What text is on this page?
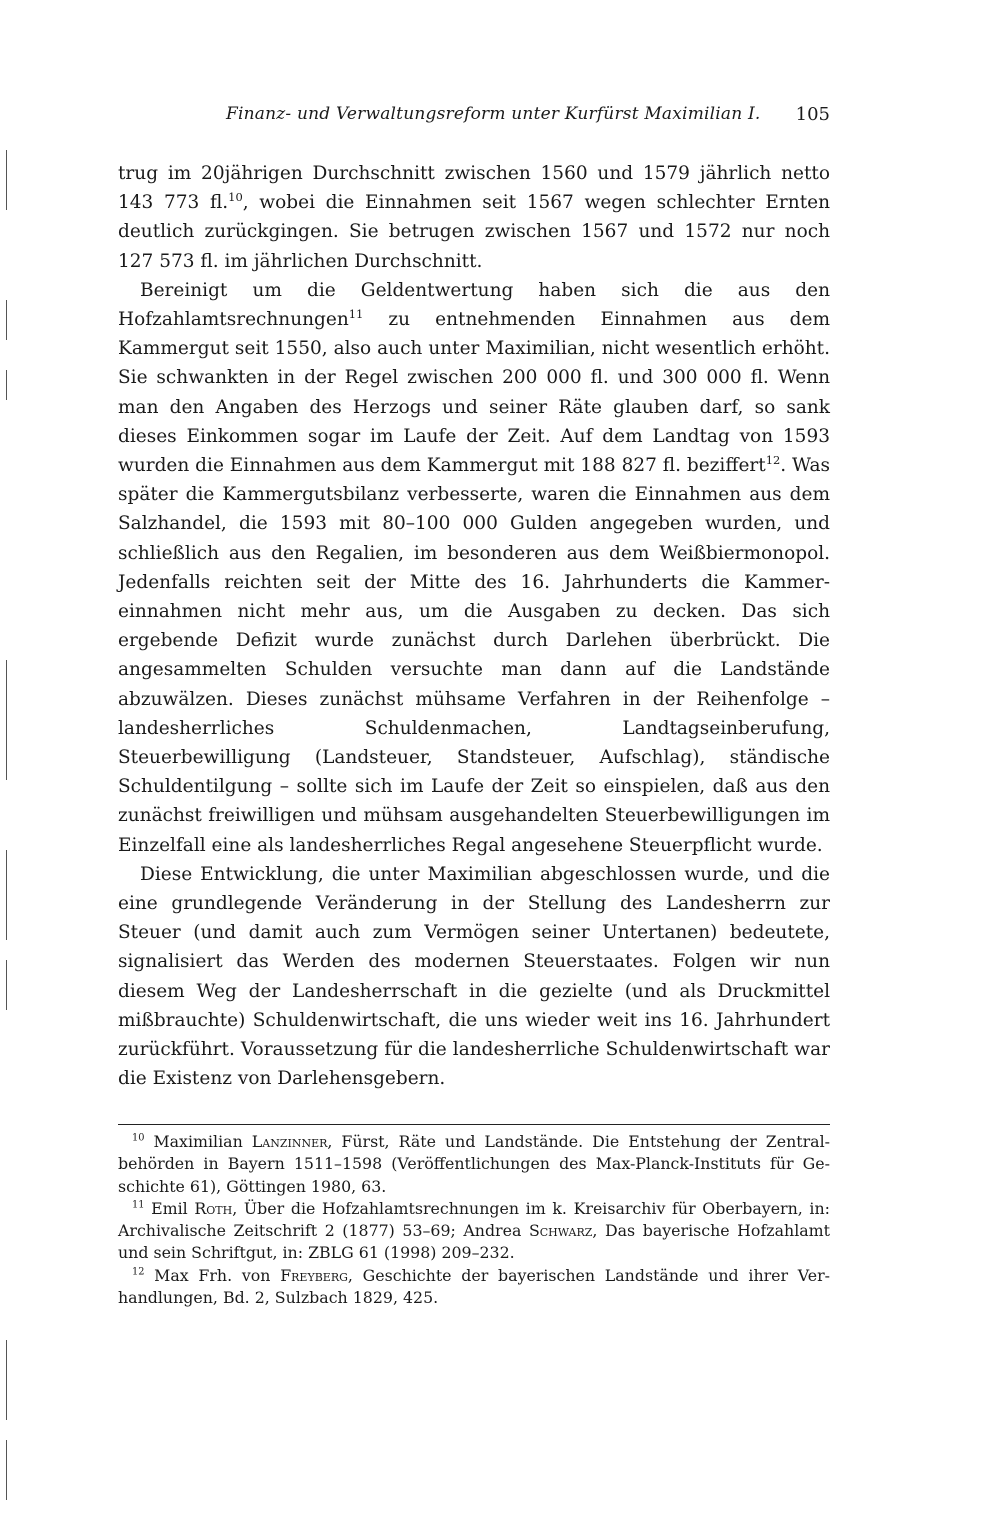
Finanz- und Verwaltungsreform unter Kurfürst Maximilian I. 105

trug im 20jährigen Durchschnitt zwischen 1560 und 1579 jährlich netto 143 773 fl.$^{10}$, wobei die Einnahmen seit 1567 wegen schlechter Ernten deutlich zurückgingen. Sie betrugen zwischen 1567 und 1572 nur noch 127 573 fl. im jährlichen Durchschnitt.

Bereinigt um die Geldentwertung haben sich die aus den Hofzahlamtsrechnungen$^{11}$ zu entnehmenden Einnahmen aus dem Kammergut seit 1550, also auch unter Maximilian, nicht wesentlich erhöht. Sie schwankten in der Regel zwischen 200 000 fl. und 300 000 fl. Wenn man den Angaben des Herzogs und seiner Räte glauben darf, so sank dieses Einkommen sogar im Laufe der Zeit. Auf dem Landtag von 1593 wurden die Einnahmen aus dem Kammergut mit 188 827 fl. beziffert$^{12}$. Was später die Kammergutsbilanz verbesserte, waren die Einnahmen aus dem Salzhandel, die 1593 mit 80–100 000 Gulden angegeben wurden, und schließlich aus den Regalien, im besonderen aus dem Weißbiermonopol. Jedenfalls reichten seit der Mitte des 16. Jahrhunderts die Kammereinnahmen nicht mehr aus, um die Ausgaben zu decken. Das sich ergebende Defizit wurde zunächst durch Darlehen überbrückt. Die angesammelten Schulden versuchte man dann auf die Landstände abzuwälzen. Dieses zunächst mühsame Verfahren in der Reihenfolge – landesherrliches Schuldenmachen, Landtagseinberufung, Steuerbewilligung (Landsteuer, Standsteuer, Aufschlag), ständische Schuldentilgung – sollte sich im Laufe der Zeit so einspielen, daß aus den zunächst freiwilligen und mühsam ausgehandelten Steuerbewilligungen im Einzelfall eine als landesherrliches Regal angesehene Steuerpflicht wurde.

Diese Entwicklung, die unter Maximilian abgeschlossen wurde, und die eine grundlegende Veränderung in der Stellung des Landesherrn zur Steuer (und damit auch zum Vermögen seiner Untertanen) bedeutete, signalisiert das Werden des modernen Steuerstaates. Folgen wir nun diesem Weg der Landesherrschaft in die gezielte (und als Druckmittel mißbrauchte) Schuldenwirtschaft, die uns wieder weit ins 16. Jahrhundert zurückführt. Voraussetzung für die landesherrliche Schuldenwirtschaft war die Existenz von Darlehensgebern.

$^{10}$ Maximilian Lanzinner, Fürst, Räte und Landstände. Die Entstehung der Zentralbehörden in Bayern 1511–1598 (Veröffentlichungen des Max-Planck-Instituts für Geschichte 61), Göttingen 1980, 63.

$^{11}$ Emil Roth, Über die Hofzahlamtsrechnungen im k. Kreisarchiv für Oberbayern, in: Archivalische Zeitschrift 2 (1877) 53–69; Andrea Schwarz, Das bayerische Hofzahlamt und sein Schriftgut, in: ZBLG 61 (1998) 209–232.

$^{12}$ Max Frh. von Freyberg, Geschichte der bayerischen Landstände und ihrer Verhandlungen, Bd. 2, Sulzbach 1829, 425.
